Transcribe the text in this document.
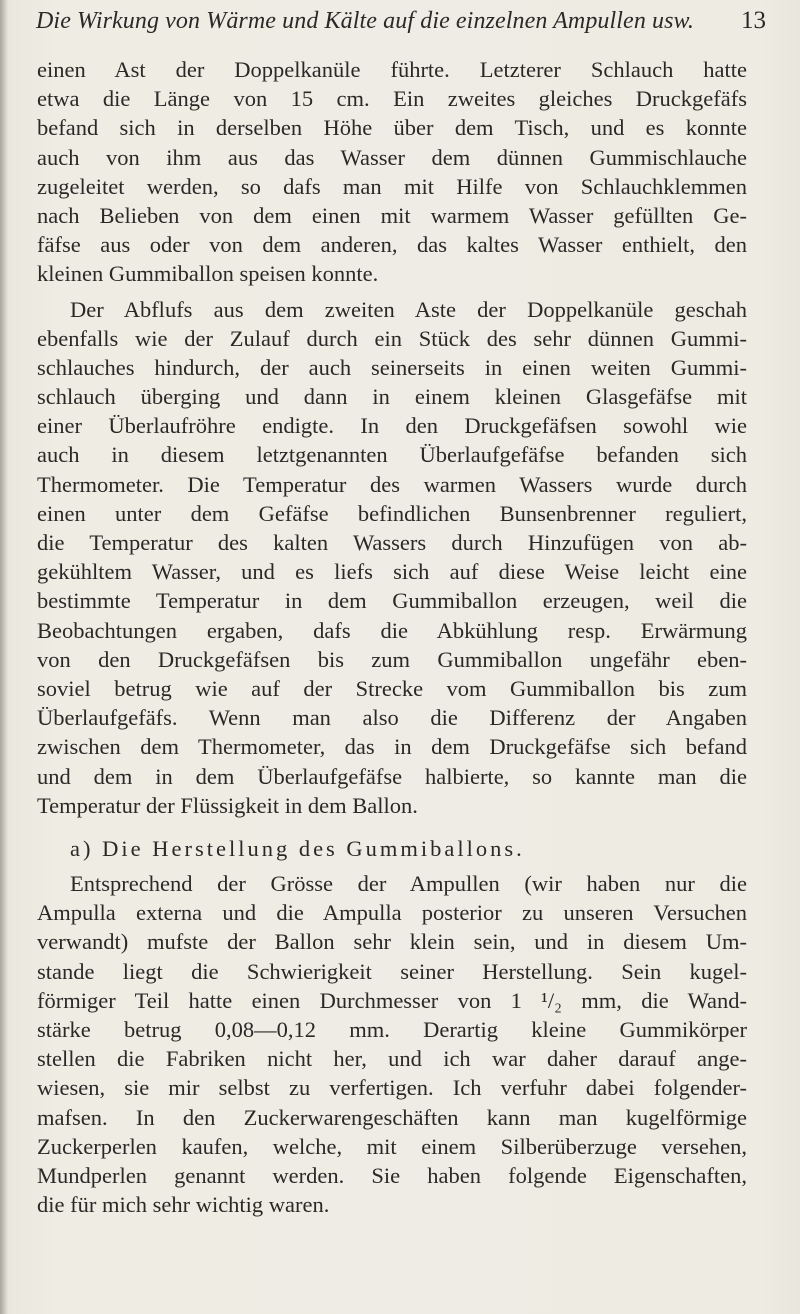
Die Wirkung von Wärme und Kälte auf die einzelnen Ampullen usw. 13
einen Ast der Doppelkanüle führte. Letzterer Schlauch hatte
etwa die Länge von 15 cm. Ein zweites gleiches Druckgefäfs
befand sich in derselben Höhe über dem Tisch, und es konnte
auch von ihm aus das Wasser dem dünnen Gummischlauche
zugeleitet werden, so dafs man mit Hilfe von Schlauchklemmen
nach Belieben von dem einen mit warmem Wasser gefüllten Ge-
fäfse aus oder von dem anderen, das kaltes Wasser enthielt, den
kleinen Gummiballon speisen konnte.
Der Abflufs aus dem zweiten Aste der Doppelkanüle geschah
ebenfalls wie der Zulauf durch ein Stück des sehr dünnen Gummi-
schlauches hindurch, der auch seinerseits in einen weiten Gummi-
schlauch überging und dann in einem kleinen Glasgefäfse mit
einer Überlaufröhre endigte. In den Druckgefäfsen sowohl wie
auch in diesem letztgenannten Überlaufgefäfse befanden sich
Thermometer. Die Temperatur des warmen Wassers wurde durch
einen unter dem Gefäfse befindlichen Bunsenbrenner reguliert,
die Temperatur des kalten Wassers durch Hinzufügen von ab-
gekühltem Wasser, und es liefs sich auf diese Weise leicht eine
bestimmte Temperatur in dem Gummiballon erzeugen, weil die
Beobachtungen ergaben, dafs die Abkühlung resp. Erwärmung
von den Druckgefäfsen bis zum Gummiballon ungefähr eben-
soviel betrug wie auf der Strecke vom Gummiballon bis zum
Überlaufgefäfs. Wenn man also die Differenz der Angaben
zwischen dem Thermometer, das in dem Druckgefäfse sich befand
und dem in dem Überlaufgefäfse halbierte, so kannte man die
Temperatur der Flüssigkeit in dem Ballon.
a) Die Herstellung des Gummiballons.
Entsprechend der Grösse der Ampullen (wir haben nur die
Ampulla externa und die Ampulla posterior zu unseren Versuchen
verwandt) mufste der Ballon sehr klein sein, und in diesem Um-
stande liegt die Schwierigkeit seiner Herstellung. Sein kugel-
förmiger Teil hatte einen Durchmesser von 1 ¹/₂ mm, die Wand-
stärke betrug 0,08—0,12 mm. Derartig kleine Gummikörper
stellen die Fabriken nicht her, und ich war daher darauf ange-
wiesen, sie mir selbst zu verfertigen. Ich verfuhr dabei folgender-
mafsen. In den Zuckerwarengeschäften kann man kugelförmige
Zuckerperlen kaufen, welche, mit einem Silberüberzuge versehen,
Mundperlen genannt werden. Sie haben folgende Eigenschaften,
die für mich sehr wichtig waren.
